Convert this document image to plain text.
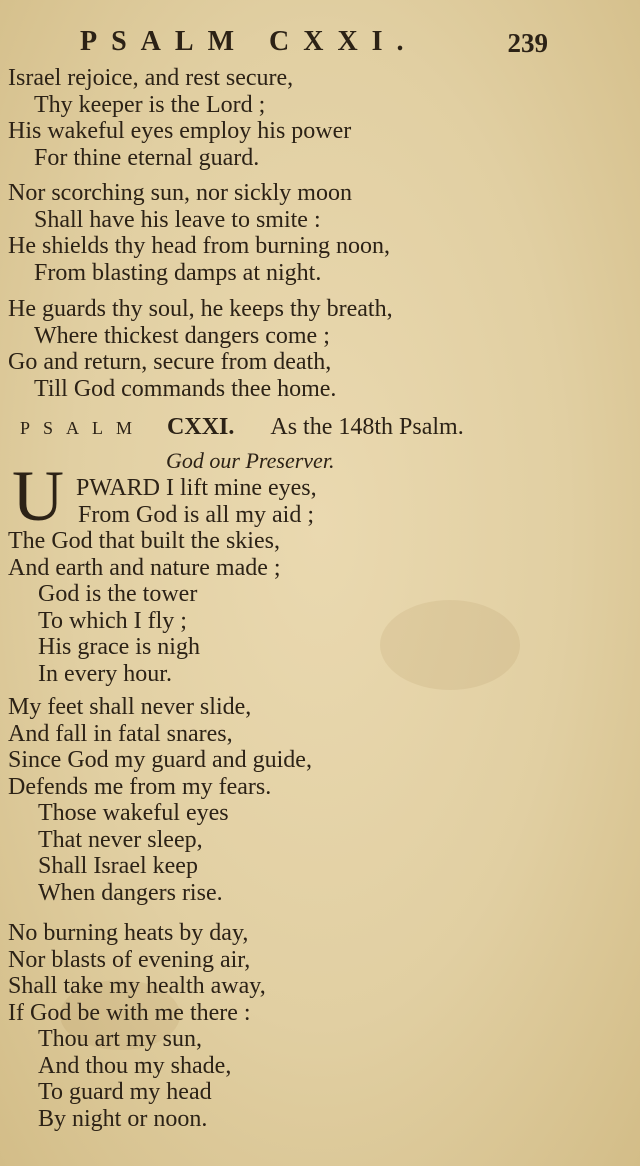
PSALM CXXI.	239
Israel rejoice, and rest secure,
Thy keeper is the Lord ;
His wakeful eyes employ his power
For thine eternal guard.
Nor scorching sun, nor sickly moon
Shall have his leave to smite :
He shields thy head from burning noon,
From blasting damps at night.
He guards thy soul, he keeps thy breath,
Where thickest dangers come ;
Go and return, secure from death,
Till God commands thee home.
PSALM CXXI. As the 148th Psalm.
God our Preserver.
U PWARD I lift mine eyes,
From God is all my aid ;
The God that built the skies,
And earth and nature made ;
God is the tower
To which I fly ;
His grace is nigh
In every hour.
My feet shall never slide,
And fall in fatal snares,
Since God my guard and guide,
Defends me from my fears.
Those wakeful eyes
That never sleep,
Shall Israel keep
When dangers rise.
No burning heats by day,
Nor blasts of evening air,
Shall take my health away,
If God be with me there :
Thou art my sun,
And thou my shade,
To guard my head
By night or noon.
